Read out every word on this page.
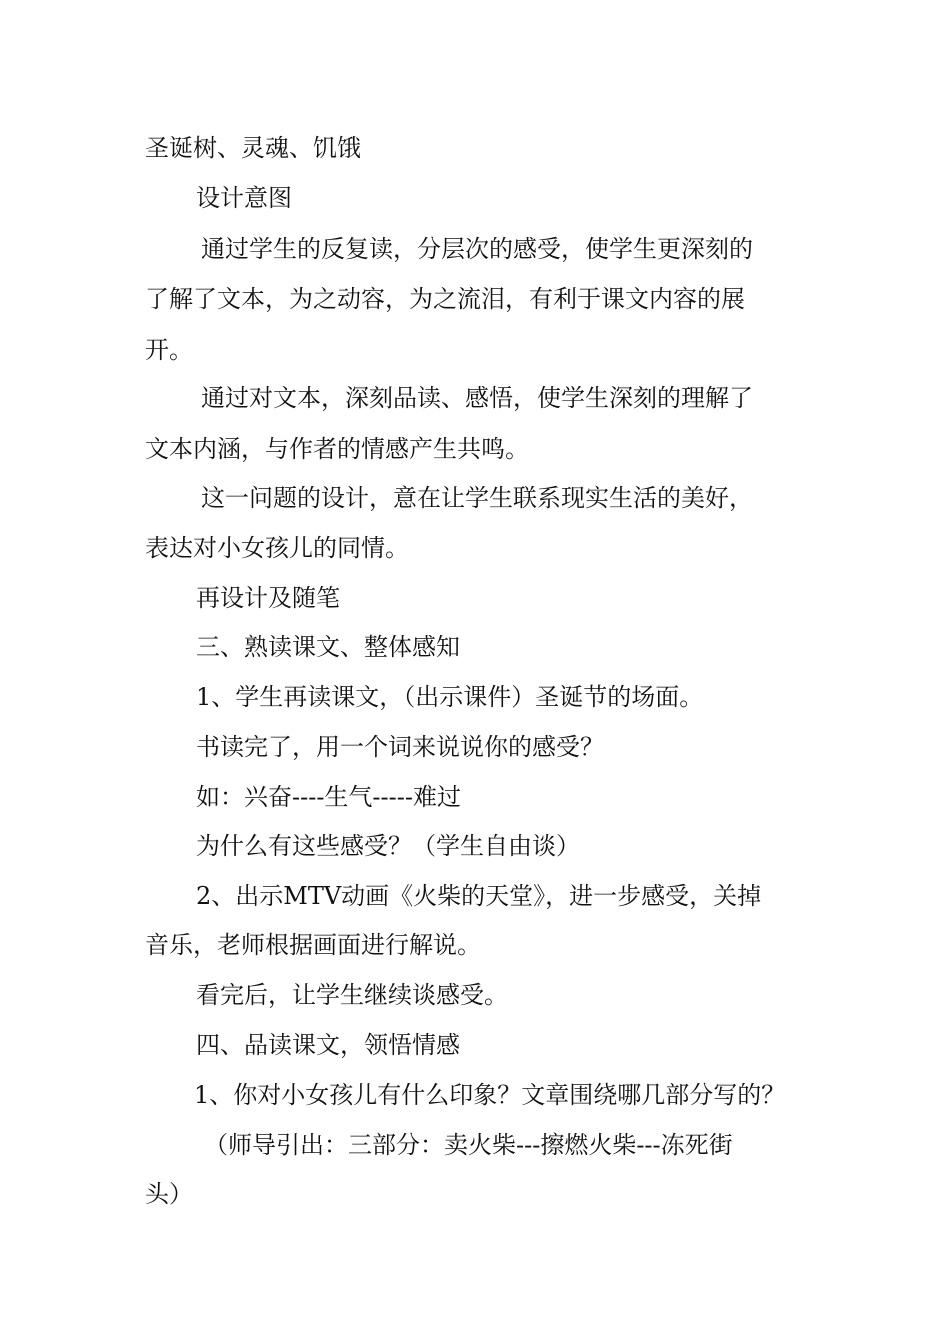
圣诞树、灵魂、饥饿
设计意图
通过学生的反复读，分层次的感受，使学生更深刻的
了解了文本，为之动容，为之流泪，有利于课文内容的展
开。
通过对文本，深刻品读、感悟，使学生深刻的理解了
文本内涵，与作者的情感产生共鸣。
这一问题的设计，意在让学生联系现实生活的美好，
表达对小女孩儿的同情。
再设计及随笔
三、熟读课文、整体感知
1、学生再读课文，（出示课件）圣诞节的场面。
书读完了，用一个词来说说你的感受？
如：兴奋----生气-----难过
为什么有这些感受？（学生自由谈）
2、出示MTV动画《火柴的天堂》，进一步感受，关掉
音乐，老师根据画面进行解说。
看完后，让学生继续谈感受。
四、品读课文，领悟情感
1、你对小女孩儿有什么印象？文章围绕哪几部分写的？
（师导引出：三部分：卖火柴---擦燃火柴---冻死街
头）
